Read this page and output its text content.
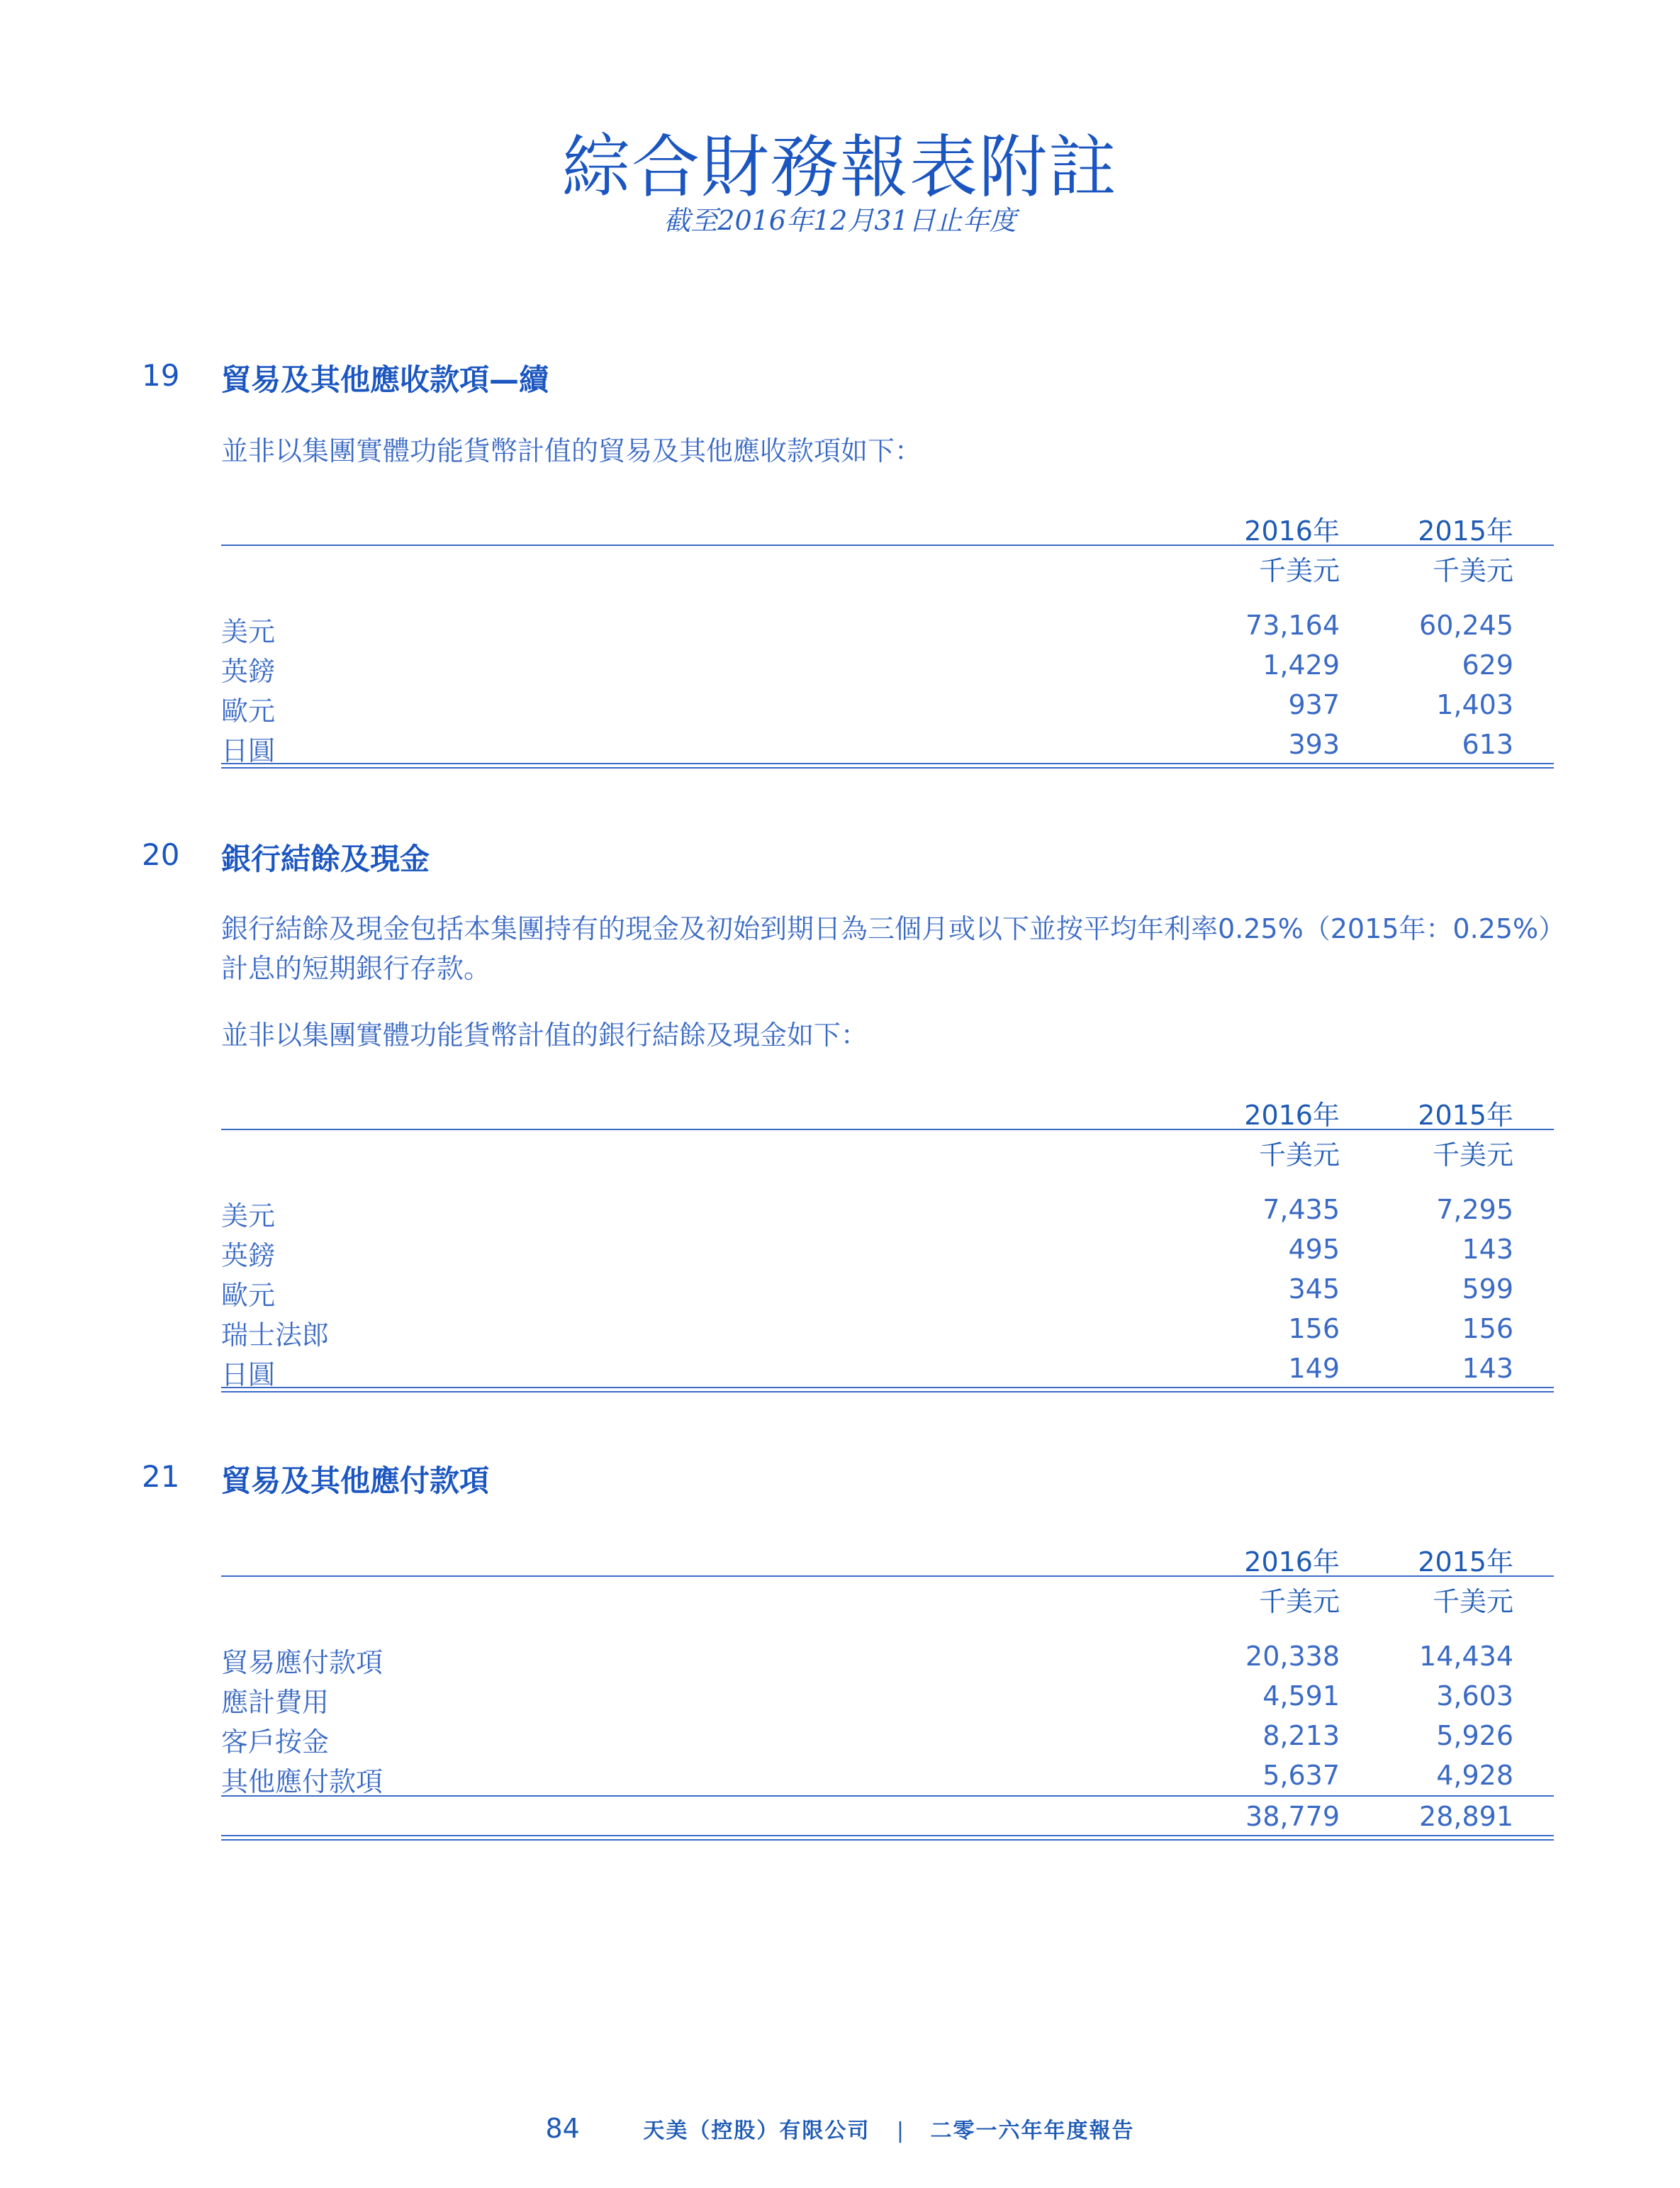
綜合財務報表附註
截至2016年12月31日止年度
19 貿易及其他應收款項—續
並非以集團實體功能貨幣計值的貿易及其他應收款項如下：
2016年	2015年
千美元	千美元
美元	73,164	60,245
英鎊	1,429	629
歐元	937	1,403
日圓	393	613
20 銀行結餘及現金
銀行結餘及現金包括本集團持有的現金及初始到期日為三個月或以下並按平均年利率0.25%（2015年：0.25%）計息的短期銀行存款。
並非以集團實體功能貨幣計值的銀行結餘及現金如下：
2016年	2015年
千美元	千美元
美元	7,435	7,295
英鎊	495	143
歐元	345	599
瑞士法郎	156	156
日圓	149	143
21 貿易及其他應付款項
2016年	2015年
千美元	千美元
貿易應付款項	20,338	14,434
應計費用	4,591	3,603
客戶按金	8,213	5,926
其他應付款項	5,637	4,928
38,779	28,891
84	天美（控股）有限公司 | 二零一六年年度報告
